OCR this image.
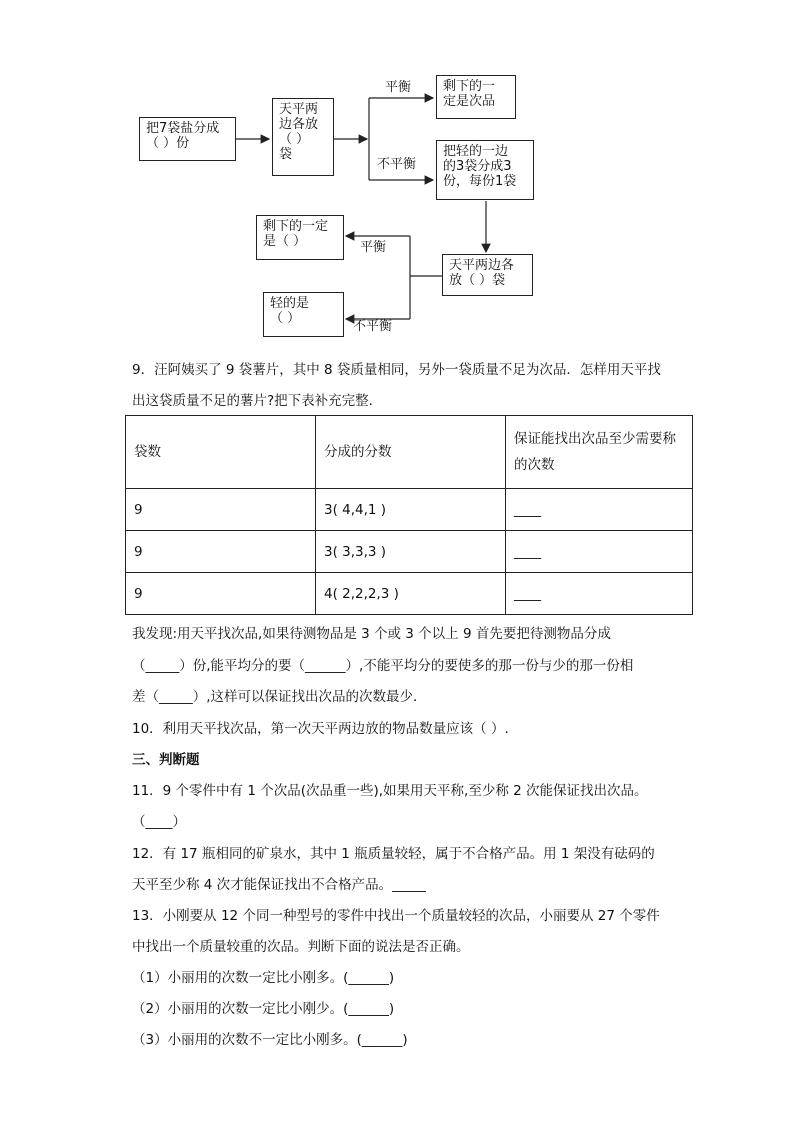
把7袋盐分成
（ ）份
天平两
边各放
（ ）
袋
平衡
不平衡
剩下的一
定是次品
把轻的一边
的3袋分成3
份，每份1袋
天平两边各
放（ ）袋
平衡
不平衡
剩下的一定
是（ ）
轻的是
（ ）
9．汪阿姨买了 9 袋薯片，其中 8 袋质量相同，另外一袋质量不足为次品．怎样用天平找
出这袋质量不足的薯片?把下表补充完整．
袋数	分成的分数	保证能找出次品至少需要称的次数
9	3( 4,4,1 )	____
9	3( 3,3,3 )	____
9	4( 2,2,2,3 )	____
我发现:用天平找次品,如果待测物品是 3 个或 3 个以上 9 首先要把待测物品分成
（_____）份,能平均分的要（______）,不能平均分的要使多的那一份与少的那一份相
差（_____）,这样可以保证找出次品的次数最少．
10．利用天平找次品，第一次天平两边放的物品数量应该（ ）.
三、判断题
11．9 个零件中有 1 个次品(次品重一些),如果用天平称,至少称 2 次能保证找出次品。
（____）
12．有 17 瓶相同的矿泉水，其中 1 瓶质量较轻，属于不合格产品。用 1 架没有砝码的
天平至少称 4 次才能保证找出不合格产品。_____
13．小刚要从 12 个同一种型号的零件中找出一个质量较轻的次品，小丽要从 27 个零件
中找出一个质量较重的次品。判断下面的说法是否正确。
（1）小丽用的次数一定比小刚多。(______)
（2）小丽用的次数一定比小刚少。(______)
（3）小丽用的次数不一定比小刚多。(______)
